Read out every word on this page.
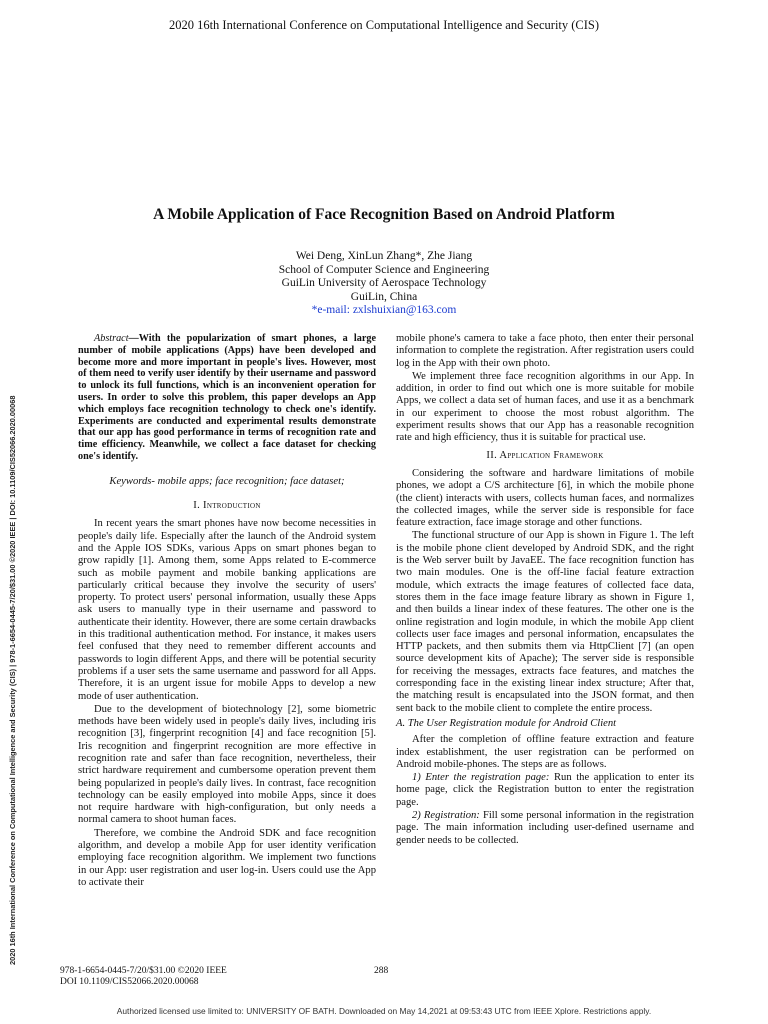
2020 16th International Conference on Computational Intelligence and Security (CIS)
2020 16th International Conference on Computational Intelligence and Security (CIS) | 978-1-6654-0445-7/20/$31.00 ©2020 IEEE | DOI: 10.1109/CIS52066.2020.00068
A Mobile Application of Face Recognition Based on Android Platform
Wei Deng, XinLun Zhang*, Zhe Jiang
School of Computer Science and Engineering
GuiLin University of Aerospace Technology
GuiLin, China
*e-mail: zxlshuixian@163.com

Abstract—With the popularization of smart phones, a large number of mobile applications (Apps) have been developed and become more and more important in people's lives. However, most of them need to verify user identify by their username and password to unlock its full functions, which is an inconvenient operation for users. In order to solve this problem, this paper develops an App which employs face recognition technology to check one's identify. Experiments are conducted and experimental results demonstrate that our app has good performance in terms of recognition rate and time efficiency. Meanwhile, we collect a face dataset for checking one's identify.

Keywords- mobile apps; face recognition; face dataset;

I. Introduction

In recent years the smart phones have now become necessities in people's daily life. Especially after the launch of the Android system and the Apple IOS SDKs, various Apps on smart phones began to grow rapidly [1]. Among them, some Apps related to E-commerce such as mobile payment and mobile banking applications are particularly critical because they involve the security of users' property. To protect users' personal information, usually these Apps ask users to manually type in their username and password to authenticate their identity. However, there are some certain drawbacks in this traditional authentication method. For instance, it makes users feel confused that they need to remember different accounts and passwords to login different Apps, and there will be potential security problems if a user sets the same username and password for all Apps. Therefore, it is an urgent issue for mobile Apps to develop a new mode of user authentication.

Due to the development of biotechnology [2], some biometric methods have been widely used in people's daily lives, including iris recognition [3], fingerprint recognition [4] and face recognition [5]. Iris recognition and fingerprint recognition are more effective in recognition rate and safer than face recognition, nevertheless, their strict hardware requirement and cumbersome operation prevent them being popularized in people's daily lives. In contrast, face recognition technology can be easily employed into mobile Apps, since it does not require hardware with high-configuration, but only needs a normal camera to shoot human faces.

Therefore, we combine the Android SDK and face recognition algorithm, and develop a mobile App for user identity verification employing face recognition algorithm. We implement two functions in our App: user registration and user log-in. Users could use the App to activate their

mobile phone's camera to take a face photo, then enter their personal information to complete the registration. After registration users could log in the App with their own photo.

We implement three face recognition algorithms in our App. In addition, in order to find out which one is more suitable for mobile Apps, we collect a data set of human faces, and use it as a benchmark in our experiment to choose the most robust algorithm. The experiment results shows that our App has a reasonable recognition rate and high efficiency, thus it is suitable for practical use.

II. Application Framework

Considering the software and hardware limitations of mobile phones, we adopt a C/S architecture [6], in which the mobile phone (the client) interacts with users, collects human faces, and normalizes the collected images, while the server side is responsible for face feature extraction, face image storage and other functions.

The functional structure of our App is shown in Figure 1. The left is the mobile phone client developed by Android SDK, and the right is the Web server built by JavaEE. The face recognition function has two main modules. One is the off-line facial feature extraction module, which extracts the image features of collected face data, stores them in the face image feature library as shown in Figure 1, and then builds a linear index of these features. The other one is the online registration and login module, in which the mobile App client collects user face images and personal information, encapsulates the HTTP packets, and then submits them via HttpClient [7] (an open source development kits of Apache); The server side is responsible for receiving the messages, extracts face features, and matches the corresponding face in the existing linear index structure; After that, the matching result is encapsulated into the JSON format, and then sent back to the mobile client to complete the entire process.

A. The User Registration module for Android Client

After the completion of offline feature extraction and feature index establishment, the user registration can be performed on Android mobile-phones. The steps are as follows.

1) Enter the registration page: Run the application to enter its home page, click the Registration button to enter the registration page.

2) Registration: Fill some personal information in the registration page. The main information including user-defined username and gender needs to be collected.

978-1-6654-0445-7/20/$31.00 ©2020 IEEE
DOI 10.1109/CIS52066.2020.00068
288
Authorized licensed use limited to: UNIVERSITY OF BATH. Downloaded on May 14,2021 at 09:53:43 UTC from IEEE Xplore. Restrictions apply.
